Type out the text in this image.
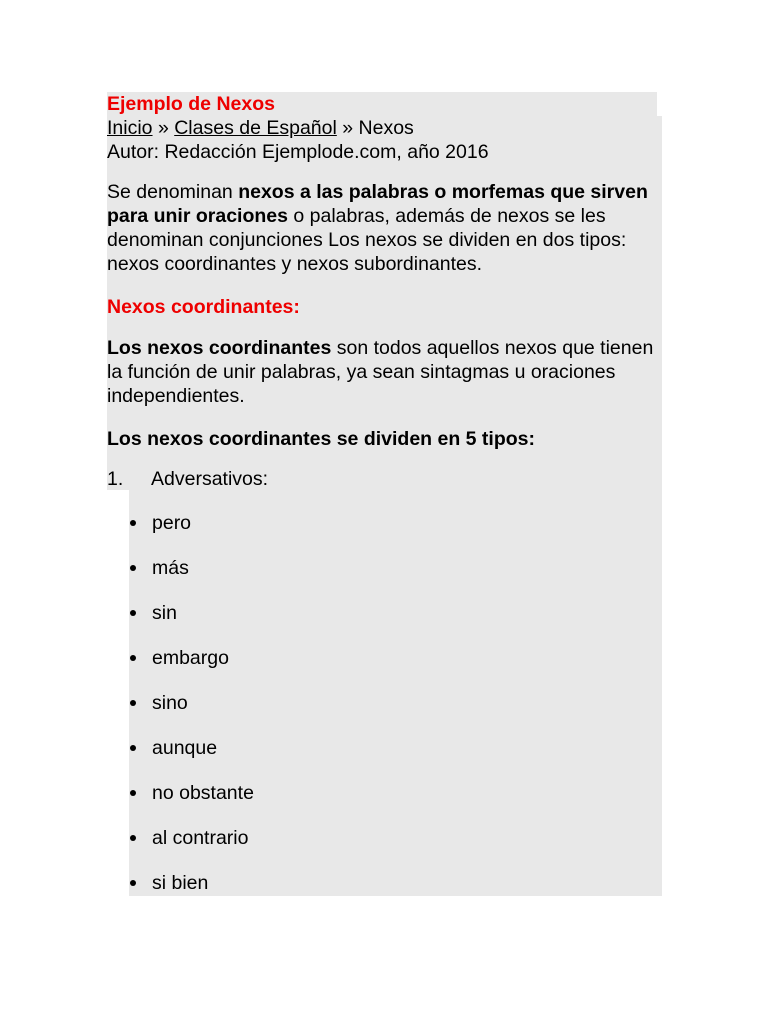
Ejemplo de Nexos
Inicio » Clases de Español » Nexos
Autor: Redacción Ejemplode.com, año 2016
Se denominan nexos a las palabras o morfemas que sirven para unir oraciones o palabras, además de nexos se les denominan conjunciones Los nexos se dividen en dos tipos: nexos coordinantes y nexos subordinantes.
Nexos coordinantes:
Los nexos coordinantes son todos aquellos nexos que tienen la función de unir palabras, ya sean sintagmas u oraciones independientes.
Los nexos coordinantes se dividen en 5 tipos:
1. Adversativos:
pero
más
sin
embargo
sino
aunque
no obstante
al contrario
si bien
